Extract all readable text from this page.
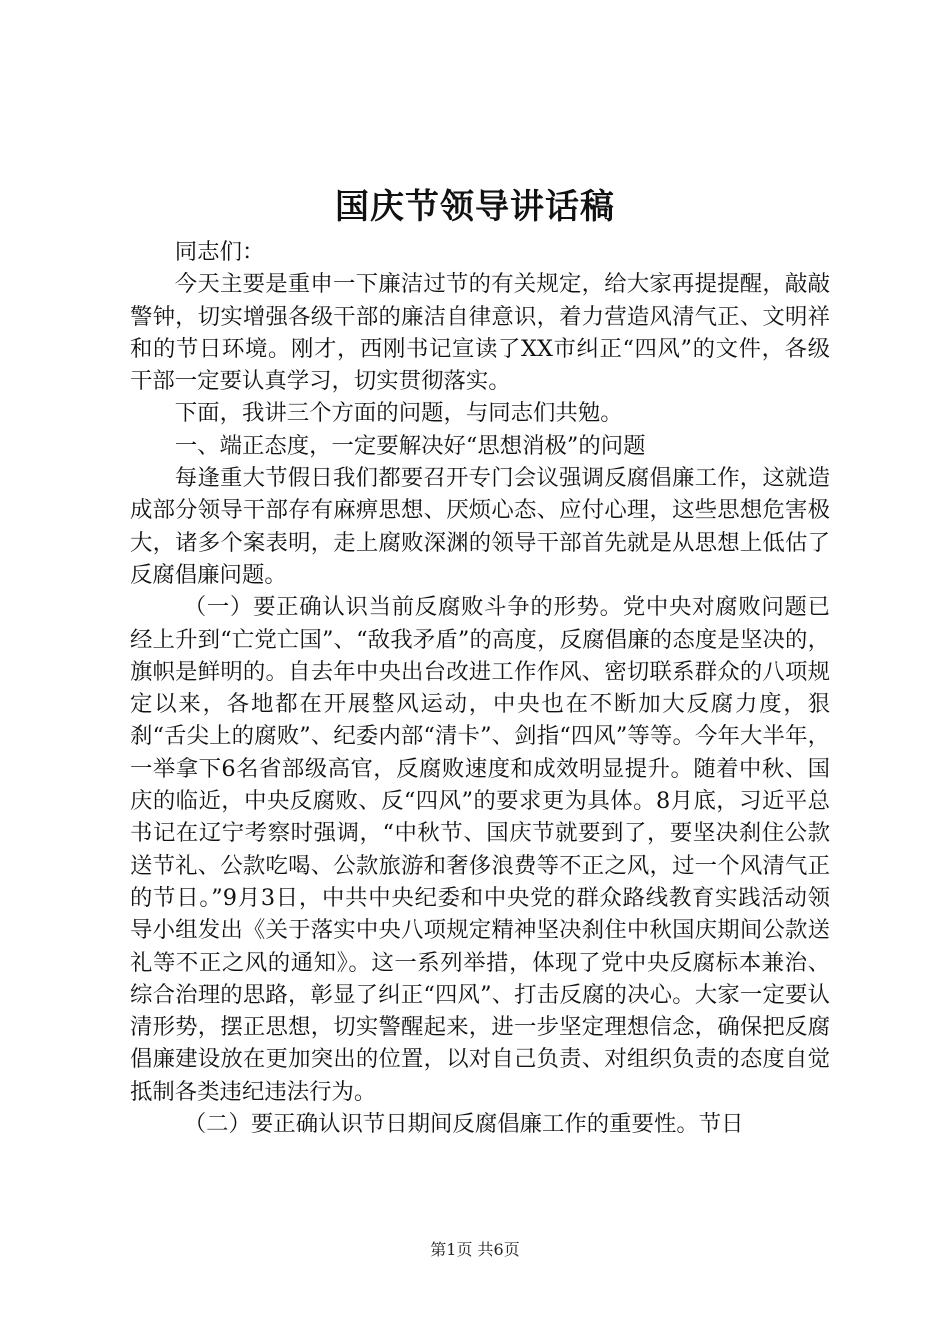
国庆节领导讲话稿

同志们：

今天主要是重申一下廉洁过节的有关规定，给大家再提提醒，敲敲警钟，切实增强各级干部的廉洁自律意识，着力营造风清气正、文明祥和的节日环境。刚才，西刚书记宣读了XX市纠正“四风”的文件，各级干部一定要认真学习，切实贯彻落实。

下面，我讲三个方面的问题，与同志们共勉。

一、端正态度，一定要解决好“思想消极”的问题

每逢重大节假日我们都要召开专门会议强调反腐倡廉工作，这就造成部分领导干部存有麻痹思想、厌烦心态、应付心理，这些思想危害极大，诸多个案表明，走上腐败深渊的领导干部首先就是从思想上低估了反腐倡廉问题。

（一）要正确认识当前反腐败斗争的形势。党中央对腐败问题已经上升到“亡党亡国”、“敌我矛盾”的高度，反腐倡廉的态度是坚决的，旗帜是鲜明的。自去年中央出台改进工作作风、密切联系群众的八项规定以来，各地都在开展整风运动，中央也在不断加大反腐力度，狠刹“舌尖上的腐败”、纪委内部“清卡”、剑指“四风”等等。今年大半年，一举拿下6名省部级高官，反腐败速度和成效明显提升。随着中秋、国庆的临近，中央反腐败、反“四风”的要求更为具体。8月底，习近平总书记在辽宁考察时强调，“中秋节、国庆节就要到了，要坚决刹住公款送节礼、公款吃喝、公款旅游和奢侈浪费等不正之风，过一个风清气正的节日。”9月3日，中共中央纪委和中央党的群众路线教育实践活动领导小组发出《关于落实中央八项规定精神坚决刹住中秋国庆期间公款送礼等不正之风的通知》。这一系列举措，体现了党中央反腐标本兼治、综合治理的思路，彰显了纠正“四风”、打击反腐的决心。大家一定要认清形势，摆正思想，切实警醒起来，进一步坚定理想信念，确保把反腐倡廉建设放在更加突出的位置，以对自己负责、对组织负责的态度自觉抵制各类违纪违法行为。

（二）要正确认识节日期间反腐倡廉工作的重要性。节日

第1页 共6页
